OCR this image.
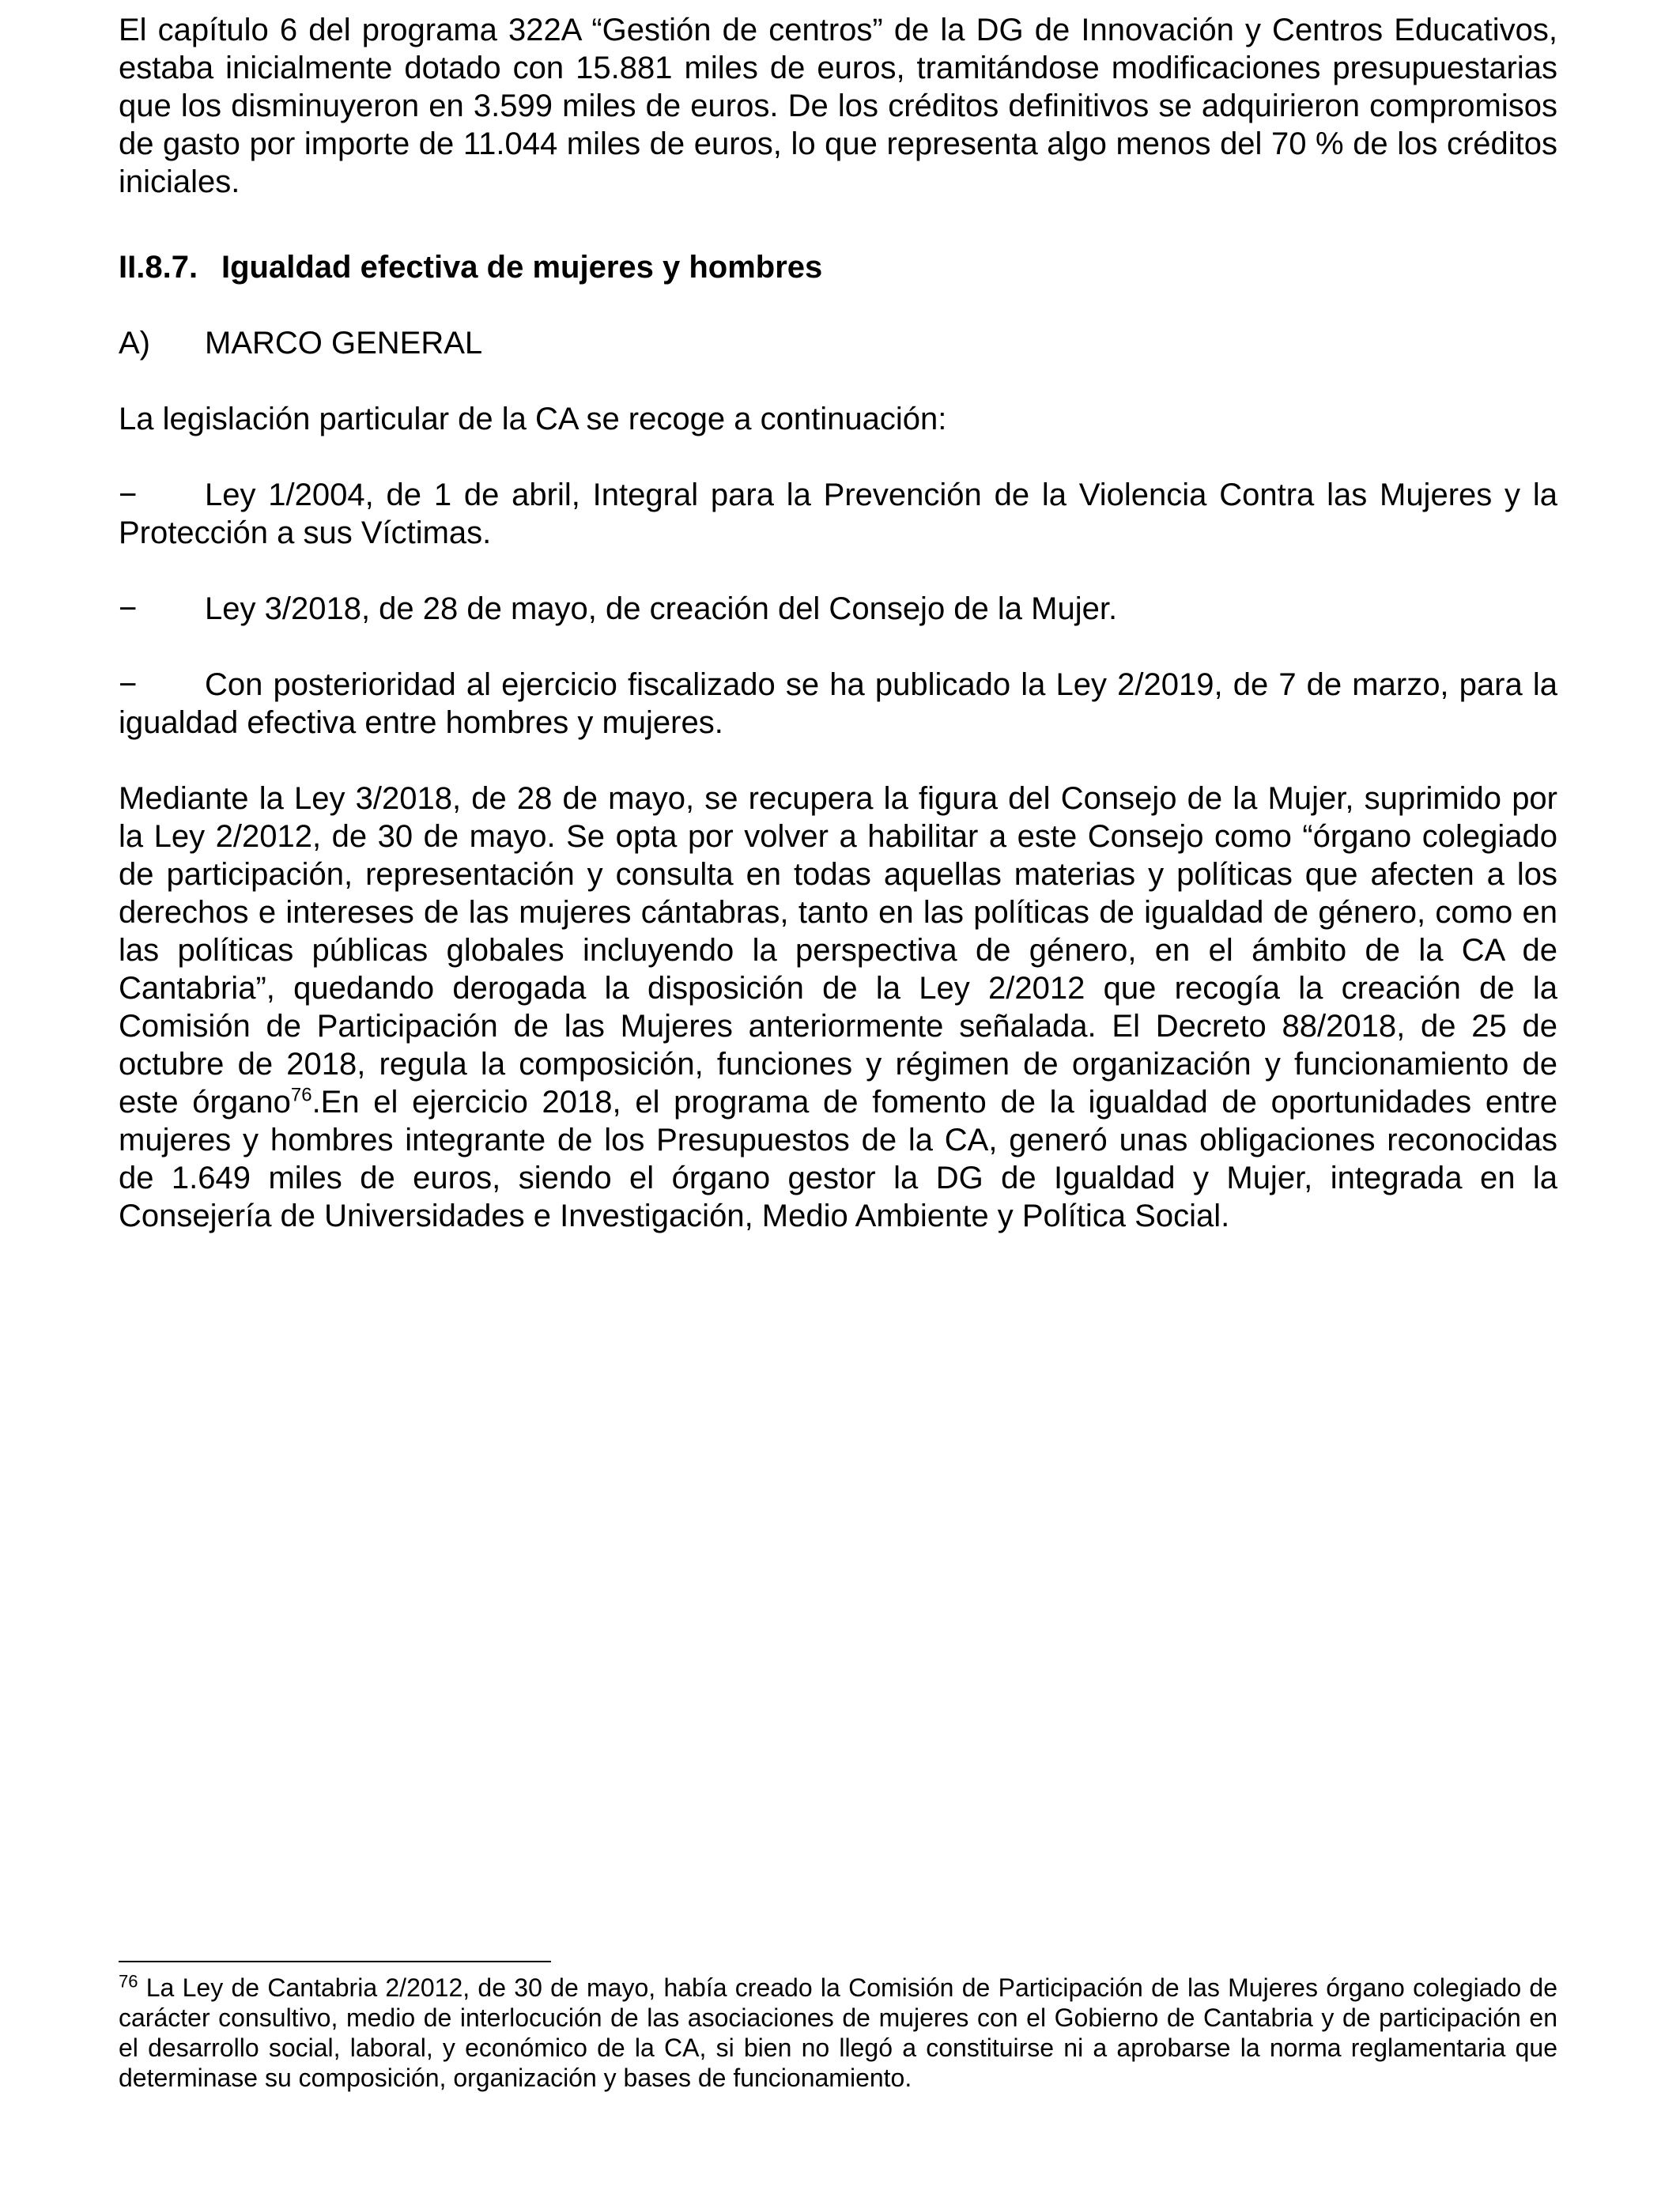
El capítulo 6 del programa 322A “Gestión de centros” de la DG de Innovación y Centros Educativos, estaba inicialmente dotado con 15.881 miles de euros, tramitándose modificaciones presupuestarias que los disminuyeron en 3.599 miles de euros. De los créditos definitivos se adquirieron compromisos de gasto por importe de 11.044 miles de euros, lo que representa algo menos del 70 % de los créditos iniciales.

II.8.7. Igualdad efectiva de mujeres y hombres
A) MARCO GENERAL

La legislación particular de la CA se recoge a continuación:

− Ley 1/2004, de 1 de abril, Integral para la Prevención de la Violencia Contra las Mujeres y la Protección a sus Víctimas.
− Ley 3/2018, de 28 de mayo, de creación del Consejo de la Mujer.
− Con posterioridad al ejercicio fiscalizado se ha publicado la Ley 2/2019, de 7 de marzo, para la igualdad efectiva entre hombres y mujeres.

Mediante la Ley 3/2018, de 28 de mayo, se recupera la figura del Consejo de la Mujer, suprimido por la Ley 2/2012, de 30 de mayo. Se opta por volver a habilitar a este Consejo como “órgano colegiado de participación, representación y consulta en todas aquellas materias y políticas que afecten a los derechos e intereses de las mujeres cántabras, tanto en las políticas de igualdad de género, como en las políticas públicas globales incluyendo la perspectiva de género, en el ámbito de la CA de Cantabria”, quedando derogada la disposición de la Ley 2/2012 que recogía la creación de la Comisión de Participación de las Mujeres anteriormente señalada. El Decreto 88/2018, de 25 de octubre de 2018, regula la composición, funciones y régimen de organización y funcionamiento de este órgano$^{76}$.En el ejercicio 2018, el programa de fomento de la igualdad de oportunidades entre mujeres y hombres integrante de los Presupuestos de la CA, generó unas obligaciones reconocidas de 1.649 miles de euros, siendo el órgano gestor la DG de Igualdad y Mujer, integrada en la Consejería de Universidades e Investigación, Medio Ambiente y Política Social.

$^{76}$ La Ley de Cantabria 2/2012, de 30 de mayo, había creado la Comisión de Participación de las Mujeres órgano colegiado de carácter consultivo, medio de interlocución de las asociaciones de mujeres con el Gobierno de Cantabria y de participación en el desarrollo social, laboral, y económico de la CA, si bien no llegó a constituirse ni a aprobarse la norma reglamentaria que determinase su composición, organización y bases de funcionamiento.
